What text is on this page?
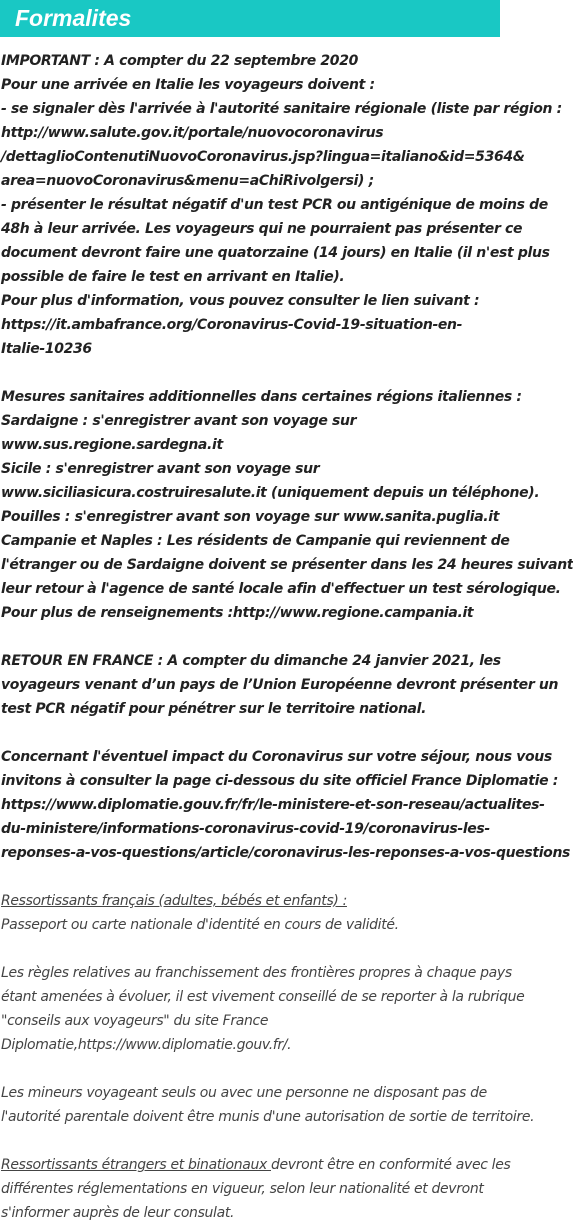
Formalites

IMPORTANT : A compter du 22 septembre 2020

Pour une arrivée en Italie les voyageurs doivent :

- se signaler dès l'arrivée à l'autorité sanitaire régionale (liste par région :

http://www.salute.gov.it/portale/nuovocoronavirus

/dettaglioContenutiNuovoCoronavirus.jsp?lingua=italiano&id=5364&

area=nuovoCoronavirus&menu=aChiRivolgersi) ;

- présenter le résultat négatif d'un test PCR ou antigénique de moins de

48h à leur arrivée. Les voyageurs qui ne pourraient pas présenter ce

document devront faire une quatorzaine (14 jours) en Italie (il n'est plus

possible de faire le test en arrivant en Italie).

Pour plus d'information, vous pouvez consulter le lien suivant :

https://it.ambafrance.org/Coronavirus-Covid-19-situation-en-

Italie-10236

Mesures sanitaires additionnelles dans certaines régions italiennes :

Sardaigne : s'enregistrer avant son voyage sur

www.sus.regione.sardegna.it

Sicile : s'enregistrer avant son voyage sur

www.siciliasicura.costruiresalute.it (uniquement depuis un téléphone).

Pouilles : s'enregistrer avant son voyage sur www.sanita.puglia.it

Campanie et Naples : Les résidents de Campanie qui reviennent de

l'étranger ou de Sardaigne doivent se présenter dans les 24 heures suivant

leur retour à l'agence de santé locale afin d'effectuer un test sérologique.

Pour plus de renseignements :http://www.regione.campania.it

RETOUR EN FRANCE : A compter du dimanche 24 janvier 2021, les

voyageurs venant d’un pays de l’Union Européenne devront présenter un

test PCR négatif pour pénétrer sur le territoire national.

Concernant l'éventuel impact du Coronavirus sur votre séjour, nous vous

invitons à consulter la page ci-dessous du site officiel France Diplomatie :

https://www.diplomatie.gouv.fr/fr/le-ministere-et-son-reseau/actualites-

du-ministere/informations-coronavirus-covid-19/coronavirus-les-

reponses-a-vos-questions/article/coronavirus-les-reponses-a-vos-questions

Ressortissants français (adultes, bébés et enfants) :

Passeport ou carte nationale d'identité en cours de validité.

Les règles relatives au franchissement des frontières propres à chaque pays

étant amenées à évoluer, il est vivement conseillé de se reporter à la rubrique

"conseils aux voyageurs" du site France

Diplomatie,https://www.diplomatie.gouv.fr/.

Les mineurs voyageant seuls ou avec une personne ne disposant pas de

l'autorité parentale doivent être munis d'une autorisation de sortie de territoire.

Ressortissants étrangers et binationaux devront être en conformité avec les

différentes réglementations en vigueur, selon leur nationalité et devront

s'informer auprès de leur consulat.
